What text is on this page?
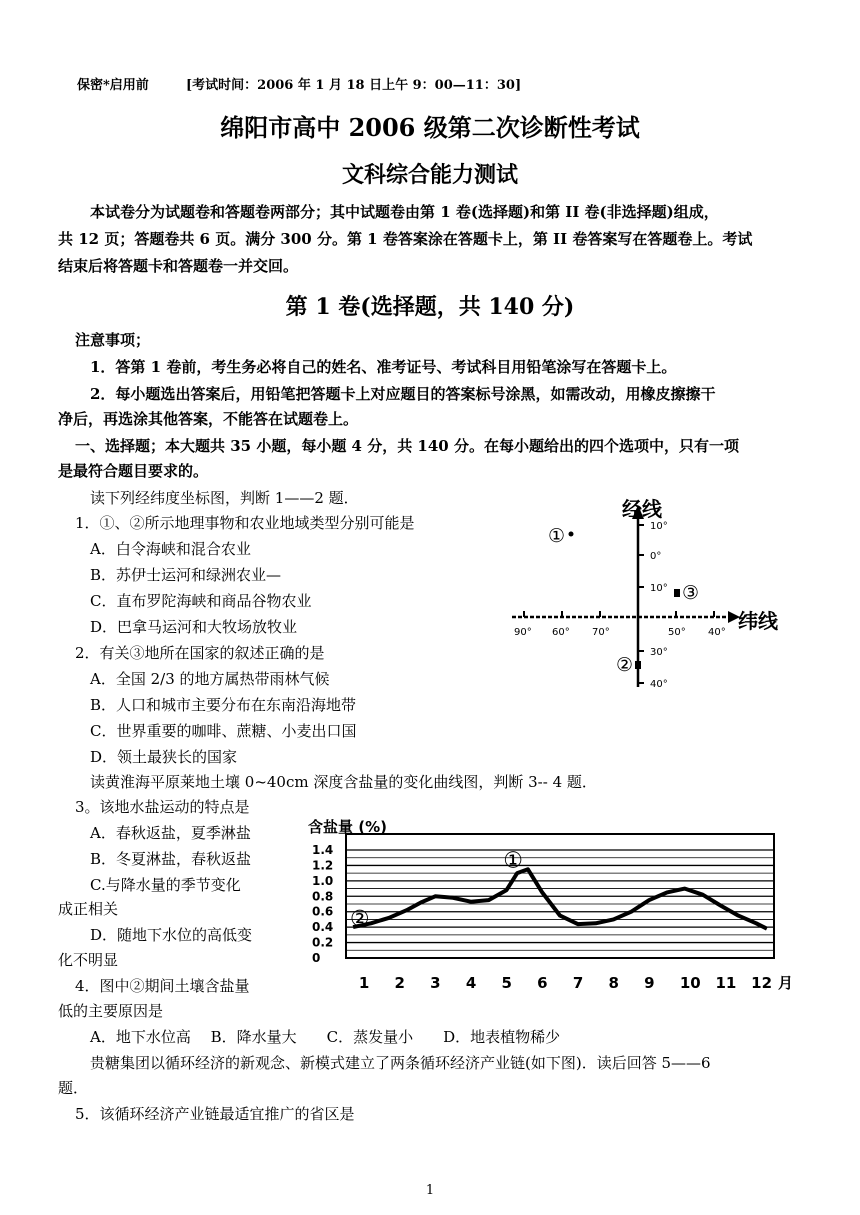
保密*启用前	[考试时间：2006 年 1 月 18 日上午 9：00—11：30]
绵阳市高中 2006 级第二次诊断性考试
文科综合能力测试
本试卷分为试题卷和答题卷两部分；其中试题卷由第 1 卷(选择题)和第 II 卷(非选择题)组成，
共 12 页；答题卷共 6 页。满分 300 分。第 1 卷答案涂在答题卡上，第 II 卷答案写在答题卷上。考试
结束后将答题卡和答题卷一并交回。
第 1 卷(选择题，共 140 分)
注意事项；
1．答第 1 卷前，考生务必将自己的姓名、准考证号、考试科目用铅笔涂写在答题卡上。
2．每小题选出答案后，用铅笔把答题卡上对应题目的答案标号涂黑，如需改动，用橡皮擦擦干
净后，再选涂其他答案，不能答在试题卷上。
一、选择题；本大题共 35 小题，每小题 4 分，共 140 分。在每小题给出的四个选项中，只有一项
是最符合题目要求的。
读下列经纬度坐标图，判断 1——2 题．
1．①、②所示地理事物和农业地域类型分别可能是
A．白令海峡和混合农业
B．苏伊士运河和绿洲农业—
C．直布罗陀海峡和商品谷物农业
D．巴拿马运河和大牧场放牧业
2．有关③地所在国家的叙述正确的是
A．全国 2/3 的地方属热带雨林气候
B．人口和城市主要分布在东南沿海地带
C．世界重要的咖啡、蔗糖、小麦出口国
D．领土最狭长的国家
经线
纬线
10°
0°
10°
30°
40°
90° 60° 70°	50° 40°
①
②
③
读黄淮海平原莱地土壤 0~40cm 深度含盐量的变化曲线图，判断 3-- 4 题．
3。该地水盐运动的特点是
A．春秋返盐，夏季淋盐
B．冬夏淋盐，春秋返盐
C.与降水量的季节变化
成正相关
D．随地下水位的高低变
化不明显
4．图中②期间土壤含盐量
低的主要原因是
A．地下水位高　 B．降水量大　　C．蒸发量小　　D．地表植物稀少
含盐量 (%)
1.4
1.2
1.0
0.8
0.6
0.4
0.2
0
1 2 3 4 5 6 7 8 9 10 11 12
①
②
月
贵糖集团以循环经济的新观念、新模式建立了两条循环经济产业链(如下图)．读后回答 5——6
题．
5．该循环经济产业链最适宜推广的省区是
1
